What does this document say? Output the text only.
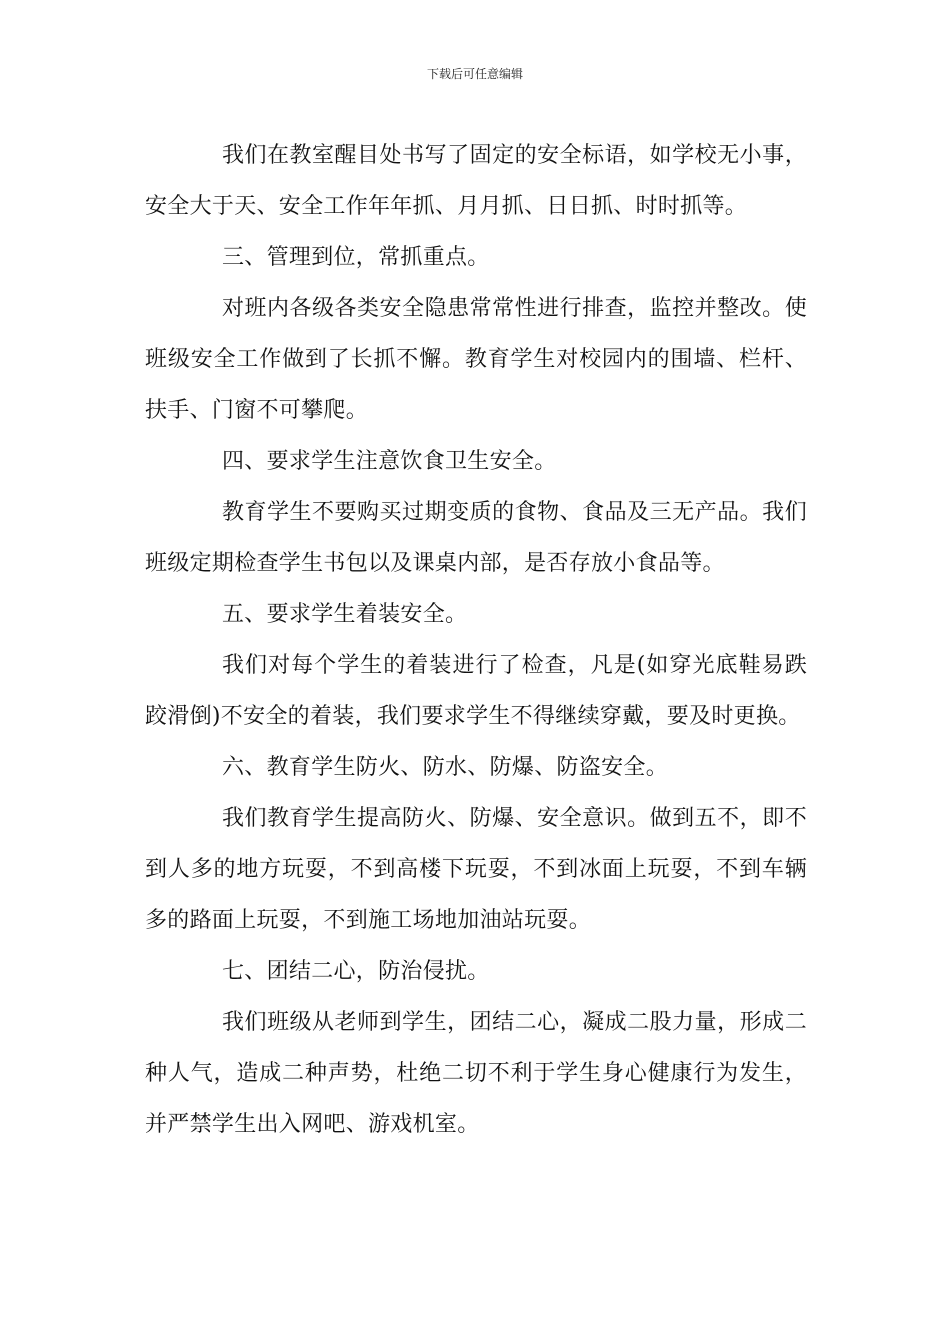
下载后可任意编辑

我们在教室醒目处书写了固定的安全标语，如学校无小事，安全大于天、安全工作年年抓、月月抓、日日抓、时时抓等。

三、管理到位，常抓重点。

对班内各级各类安全隐患常常性进行排查，监控并整改。使班级安全工作做到了长抓不懈。教育学生对校园内的围墙、栏杆、扶手、门窗不可攀爬。

四、要求学生注意饮食卫生安全。

教育学生不要购买过期变质的食物、食品及三无产品。我们班级定期检查学生书包以及课桌内部，是否存放小食品等。

五、要求学生着装安全。

我们对每个学生的着装进行了检查，凡是(如穿光底鞋易跌跤滑倒)不安全的着装，我们要求学生不得继续穿戴，要及时更换。

六、教育学生防火、防水、防爆、防盗安全。

我们教育学生提高防火、防爆、安全意识。做到五不，即不到人多的地方玩耍，不到高楼下玩耍，不到冰面上玩耍，不到车辆多的路面上玩耍，不到施工场地加油站玩耍。

七、团结二心，防治侵扰。

我们班级从老师到学生，团结二心，凝成二股力量，形成二种人气，造成二种声势，杜绝二切不利于学生身心健康行为发生，并严禁学生出入网吧、游戏机室。
